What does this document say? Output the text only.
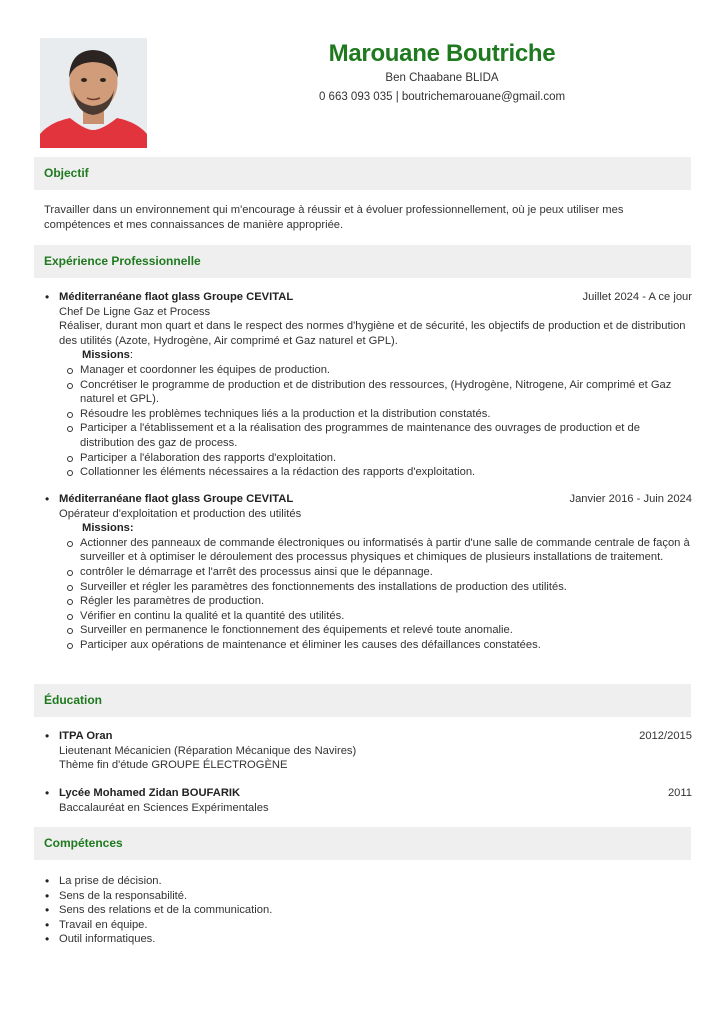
Marouane Boutriche
Ben Chaabane BLIDA
0 663 093 035 | boutrichemarouane@gmail.com
Objectif

Travailler dans un environnement qui m'encourage à réussir et à évoluer professionnellement, où je peux utiliser mes compétences et mes connaissances de manière appropriée.

Expérience Professionnelle
• Méditerranéane flaot glass Groupe CEVITAL	Juillet 2024 - A ce jour

Chef De Ligne Gaz et Process

Réaliser, durant mon quart et dans le respect des normes d'hygiène et de sécurité, les objectifs de production et de distribution des utilités (Azote, Hydrogène, Air comprimé et Gaz naturel et GPL).

Missions:
Manager et coordonner les équipes de production.
Concrétiser le programme de production et de distribution des ressources, (Hydrogène, Nitrogene, Air comprimé et Gaz naturel et GPL).
Résoudre les problèmes techniques liés a la production et la distribution constatés.
Participer a l'établissement et a la réalisation des programmes de maintenance des ouvrages de production et de distribution des gaz de process.
Participer a l'élaboration des rapports d'exploitation.
Collationner les éléments nécessaires a la rédaction des rapports d'exploitation.
• Méditerranéane flaot glass Groupe CEVITAL	Janvier 2016 - Juin 2024

Opérateur d'exploitation et production des utilités

Missions:
Actionner des panneaux de commande électroniques ou informatisés à partir d'une salle de commande centrale de façon à surveiller et à optimiser le déroulement des processus physiques et chimiques de plusieurs installations de traitement.
contrôler le démarrage et l'arrêt des processus ainsi que le dépannage.
Surveiller et régler les paramètres des fonctionnements des installations de production des utilités.
Régler les paramètres de production.
Vérifier en continu la qualité et la quantité des utilités.
Surveiller en permanence le fonctionnement des équipements et relevé toute anomalie.
Participer aux opérations de maintenance et éliminer les causes des défaillances constatées.
Éducation
• ITPA Oran	2012/2015

Lieutenant Mécanicien (Réparation Mécanique des Navires)

Thème fin d'étude GROUPE ÉLECTROGÈNE

• Lycée Mohamed Zidan BOUFARIK	2011

Baccalauréat en Sciences Expérimentales

Compétences
• La prise de décision.
• Sens de la responsabilité.
• Sens des relations et de la communication.
• Travail en équipe.
• Outil informatiques.
